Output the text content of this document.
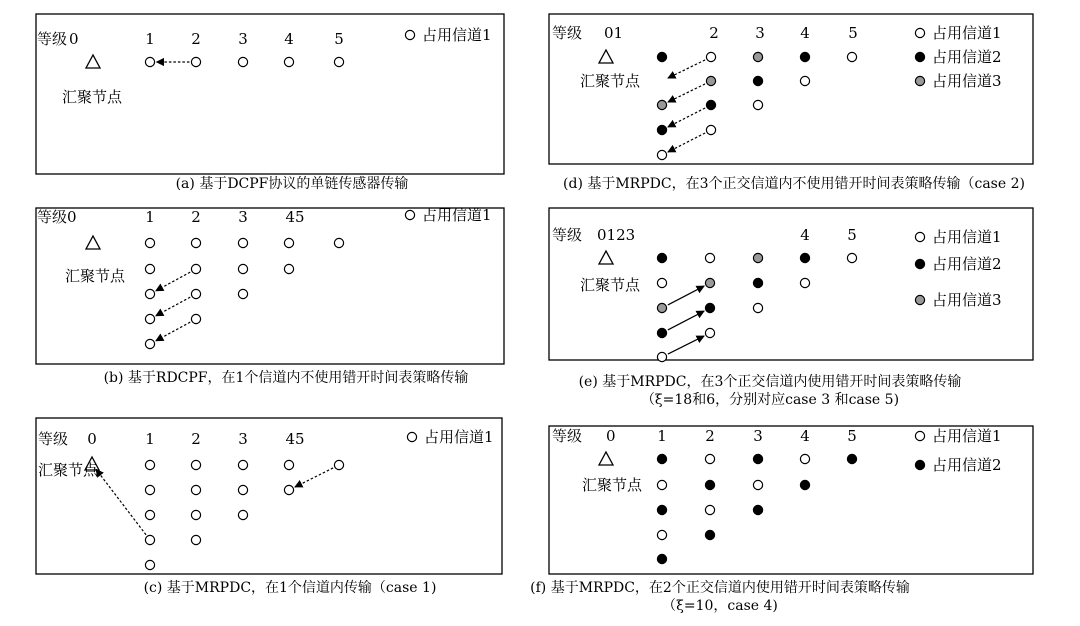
等级 0	1 2 3 4	5
汇聚节点
占用信道1
(a) 基于DCPF协议的单链传感器传输
等级 0	1 2 3	45
汇聚节点
占用信道1
(b) 基于RDCPF，在1个信道内不使用错开时间表策略传输
等级 0	1 2 3	45
汇聚节点
占用信道1
(c) 基于MRPDC，在1个信道内传输（case 1)
等级 01	2 3 4	5
汇聚节点
占用信道1
占用信道2
占用信道3
(d) 基于MRPDC，在3个正交信道内不使用错开时间表策略传输（case 2)
等级 0123	4 5
汇聚节点
占用信道1
占用信道2
占用信道3
(e) 基于MRPDC，在3个正交信道内使用错开时间表策略传输
（ξ=18和6，分别对应case 3 和case 5)
等级 0	1	2	3 4 5
汇聚节点
占用信道1
占用信道2
(f) 基于MRPDC，在2个正交信道内使用错开时间表策略传输
（ξ=10，case 4)
